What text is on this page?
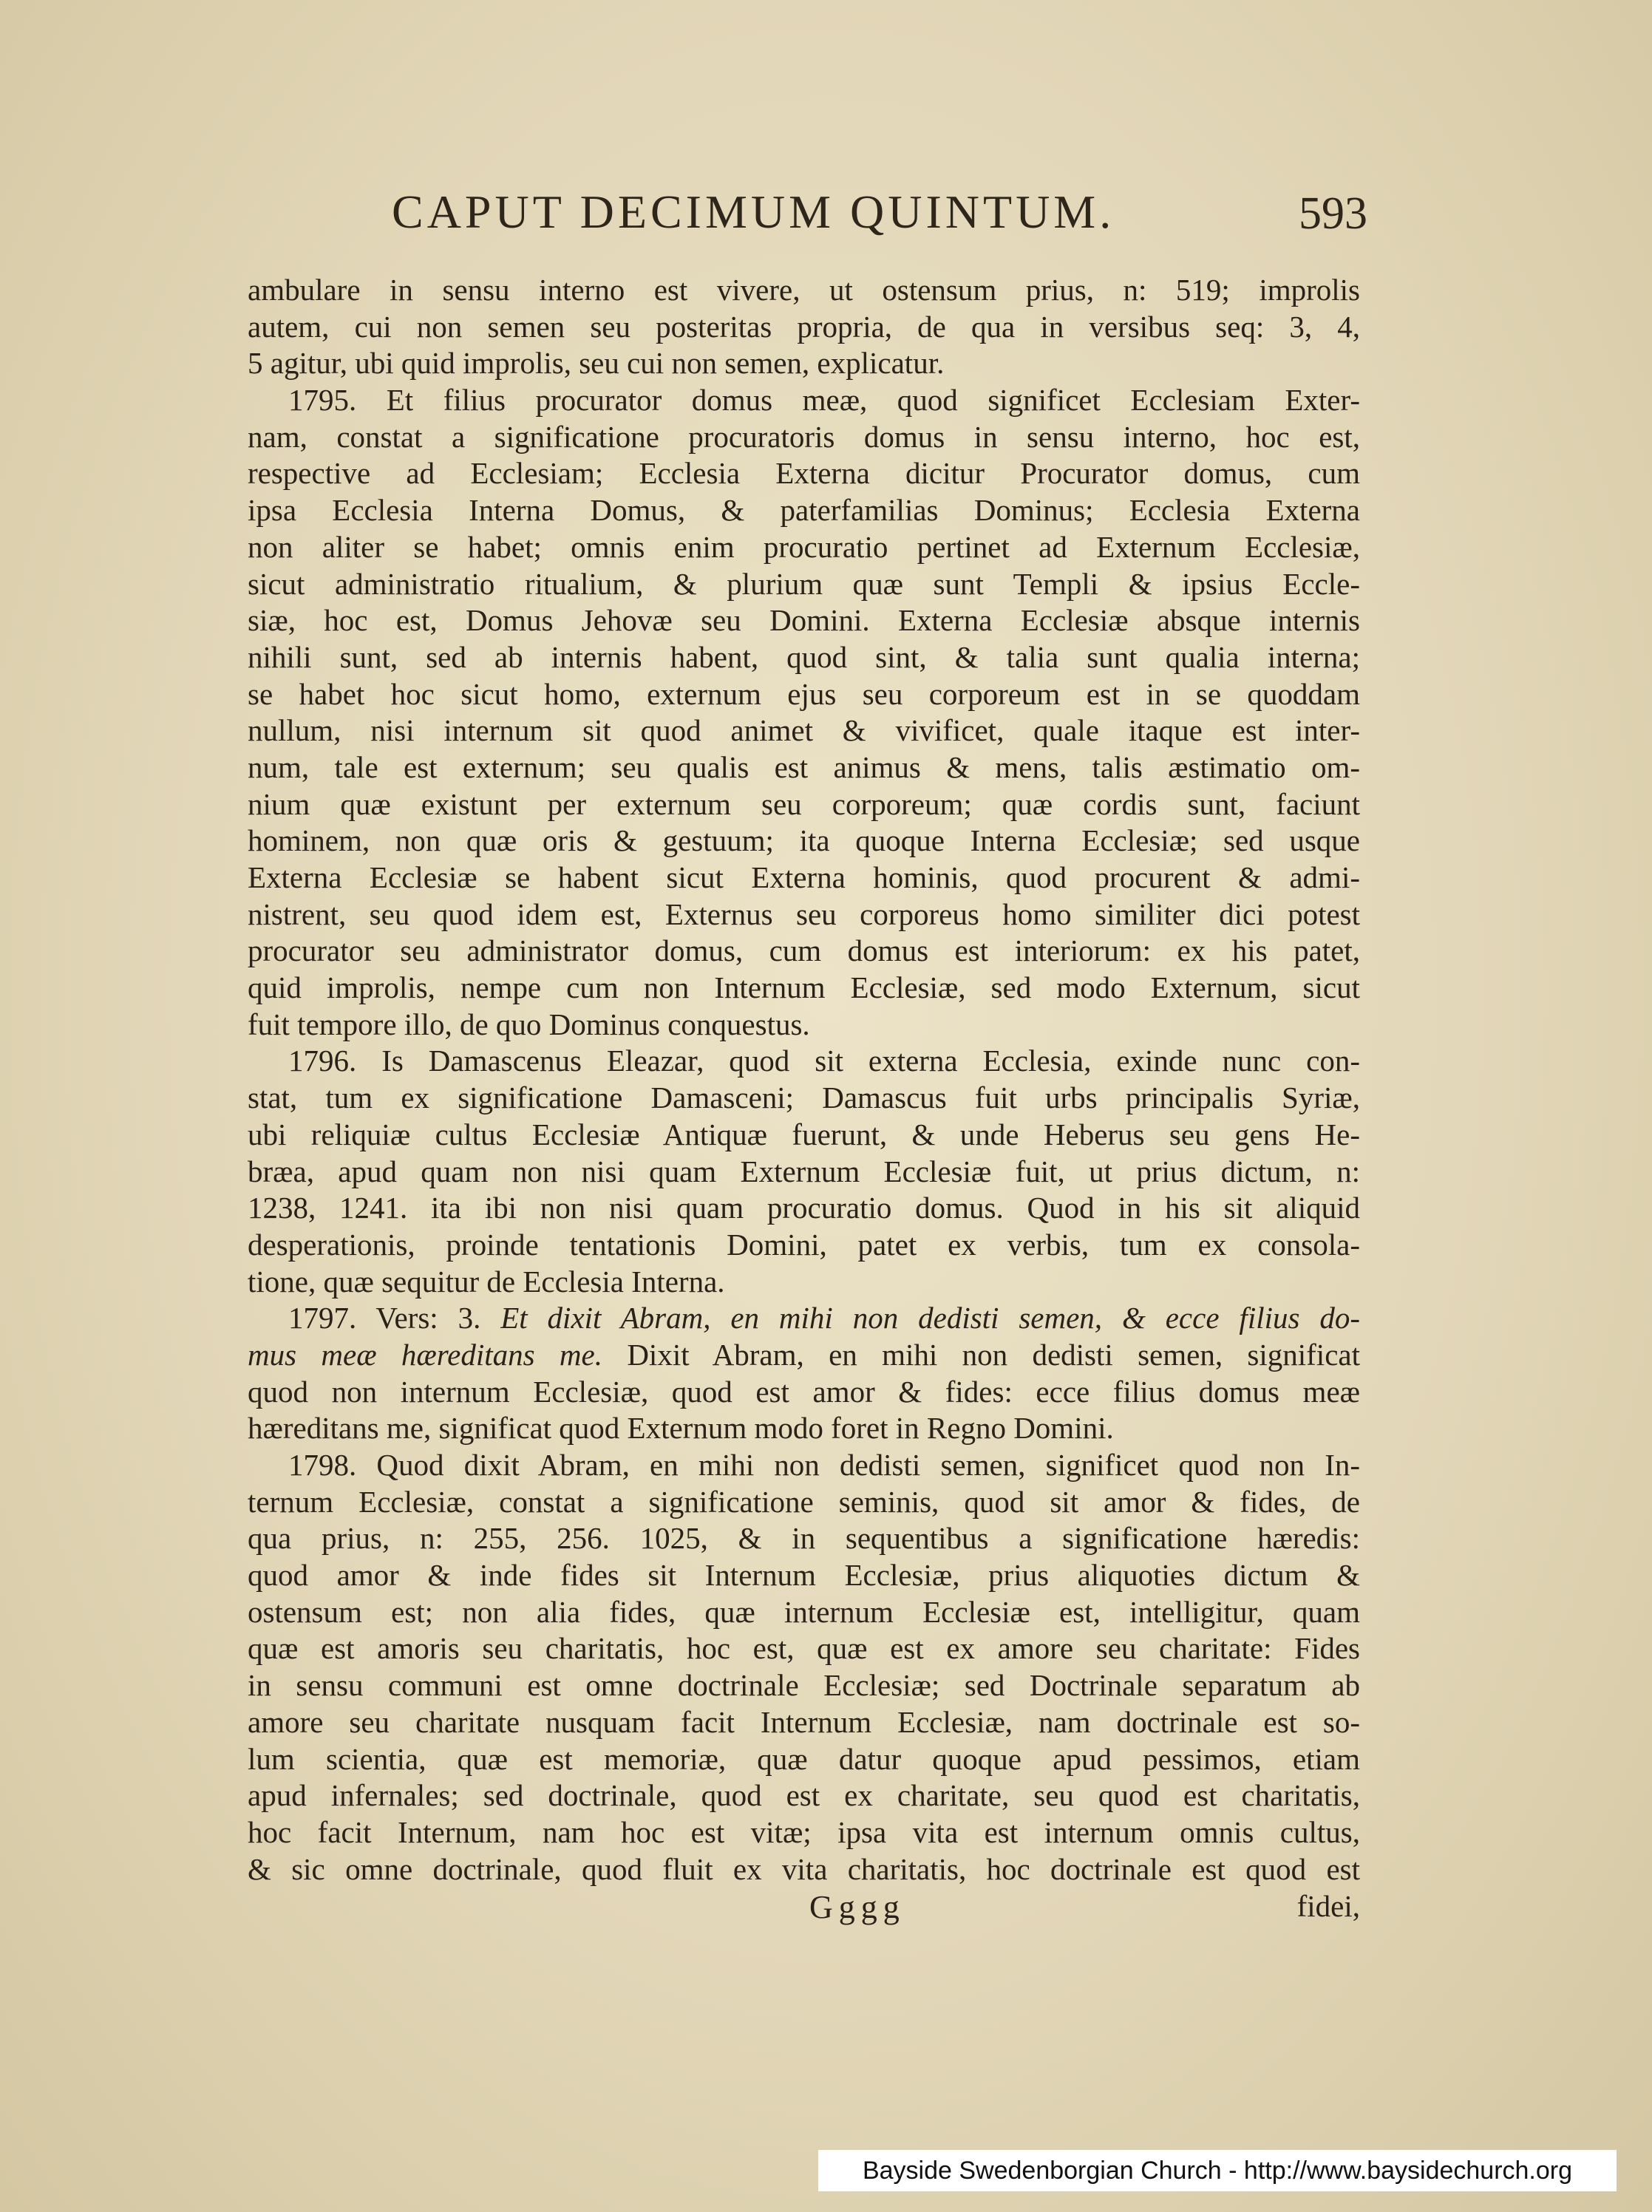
CAPUT DECIMUM QUINTUM.	593
ambulare in sensu interno est vivere, ut ostensum prius, n: 519; improlis
autem, cui non semen seu posteritas propria, de qua in versibus seq: 3, 4,
5 agitur, ubi quid improlis, seu cui non semen, explicatur.
1795. Et filius procurator domus meæ, quod significet Ecclesiam Exter-
nam, constat a significatione procuratoris domus in sensu interno, hoc est,
respective ad Ecclesiam; Ecclesia Externa dicitur Procurator domus, cum
ipsa Ecclesia Interna Domus, & paterfamilias Dominus; Ecclesia Externa
non aliter se habet; omnis enim procuratio pertinet ad Externum Ecclesiæ,
sicut administratio ritualium, & plurium quæ sunt Templi & ipsius Eccle-
siæ, hoc est, Domus Jehovæ seu Domini. Externa Ecclesiæ absque internis
nihili sunt, sed ab internis habent, quod sint, & talia sunt qualia interna;
se habet hoc sicut homo, externum ejus seu corporeum est in se quoddam
nullum, nisi internum sit quod animet & vivificet, quale itaque est inter-
num, tale est externum; seu qualis est animus & mens, talis æstimatio om-
nium quæ existunt per externum seu corporeum; quæ cordis sunt, faciunt
hominem, non quæ oris & gestuum; ita quoque Interna Ecclesiæ; sed usque
Externa Ecclesiæ se habent sicut Externa hominis, quod procurent & admi-
nistrent, seu quod idem est, Externus seu corporeus homo similiter dici potest
procurator seu administrator domus, cum domus est interiorum: ex his patet,
quid improlis, nempe cum non Internum Ecclesiæ, sed modo Externum, sicut
fuit tempore illo, de quo Dominus conquestus.
1796. Is Damascenus Eleazar, quod sit externa Ecclesia, exinde nunc con-
stat, tum ex significatione Damasceni; Damascus fuit urbs principalis Syriæ,
ubi reliquiæ cultus Ecclesiæ Antiquæ fuerunt, & unde Heberus seu gens He-
bræa, apud quam non nisi quam Externum Ecclesiæ fuit, ut prius dictum, n:
1238, 1241. ita ibi non nisi quam procuratio domus. Quod in his sit aliquid
desperationis, proinde tentationis Domini, patet ex verbis, tum ex consola-
tione, quæ sequitur de Ecclesia Interna.
1797. Vers: 3. Et dixit Abram, en mihi non dedisti semen, & ecce filius do-
mus meæ hæreditans me. Dixit Abram, en mihi non dedisti semen, significat
quod non internum Ecclesiæ, quod est amor & fides: ecce filius domus meæ
hæreditans me, significat quod Externum modo foret in Regno Domini.
1798. Quod dixit Abram, en mihi non dedisti semen, significet quod non In-
ternum Ecclesiæ, constat a significatione seminis, quod sit amor & fides, de
qua prius, n: 255, 256. 1025, & in sequentibus a significatione hæredis:
quod amor & inde fides sit Internum Ecclesiæ, prius aliquoties dictum &
ostensum est; non alia fides, quæ internum Ecclesiæ est, intelligitur, quam
quæ est amoris seu charitatis, hoc est, quæ est ex amore seu charitate: Fides
in sensu communi est omne doctrinale Ecclesiæ; sed Doctrinale separatum ab
amore seu charitate nusquam facit Internum Ecclesiæ, nam doctrinale est so-
lum scientia, quæ est memoriæ, quæ datur quoque apud pessimos, etiam
apud infernales; sed doctrinale, quod est ex charitate, seu quod est charitatis,
hoc facit Internum, nam hoc est vitæ; ipsa vita est internum omnis cultus,
& sic omne doctrinale, quod fluit ex vita charitatis, hoc doctrinale est quod est
Gggg	fidei,
Bayside Swedenborgian Church - http://www.baysidechurch.org
